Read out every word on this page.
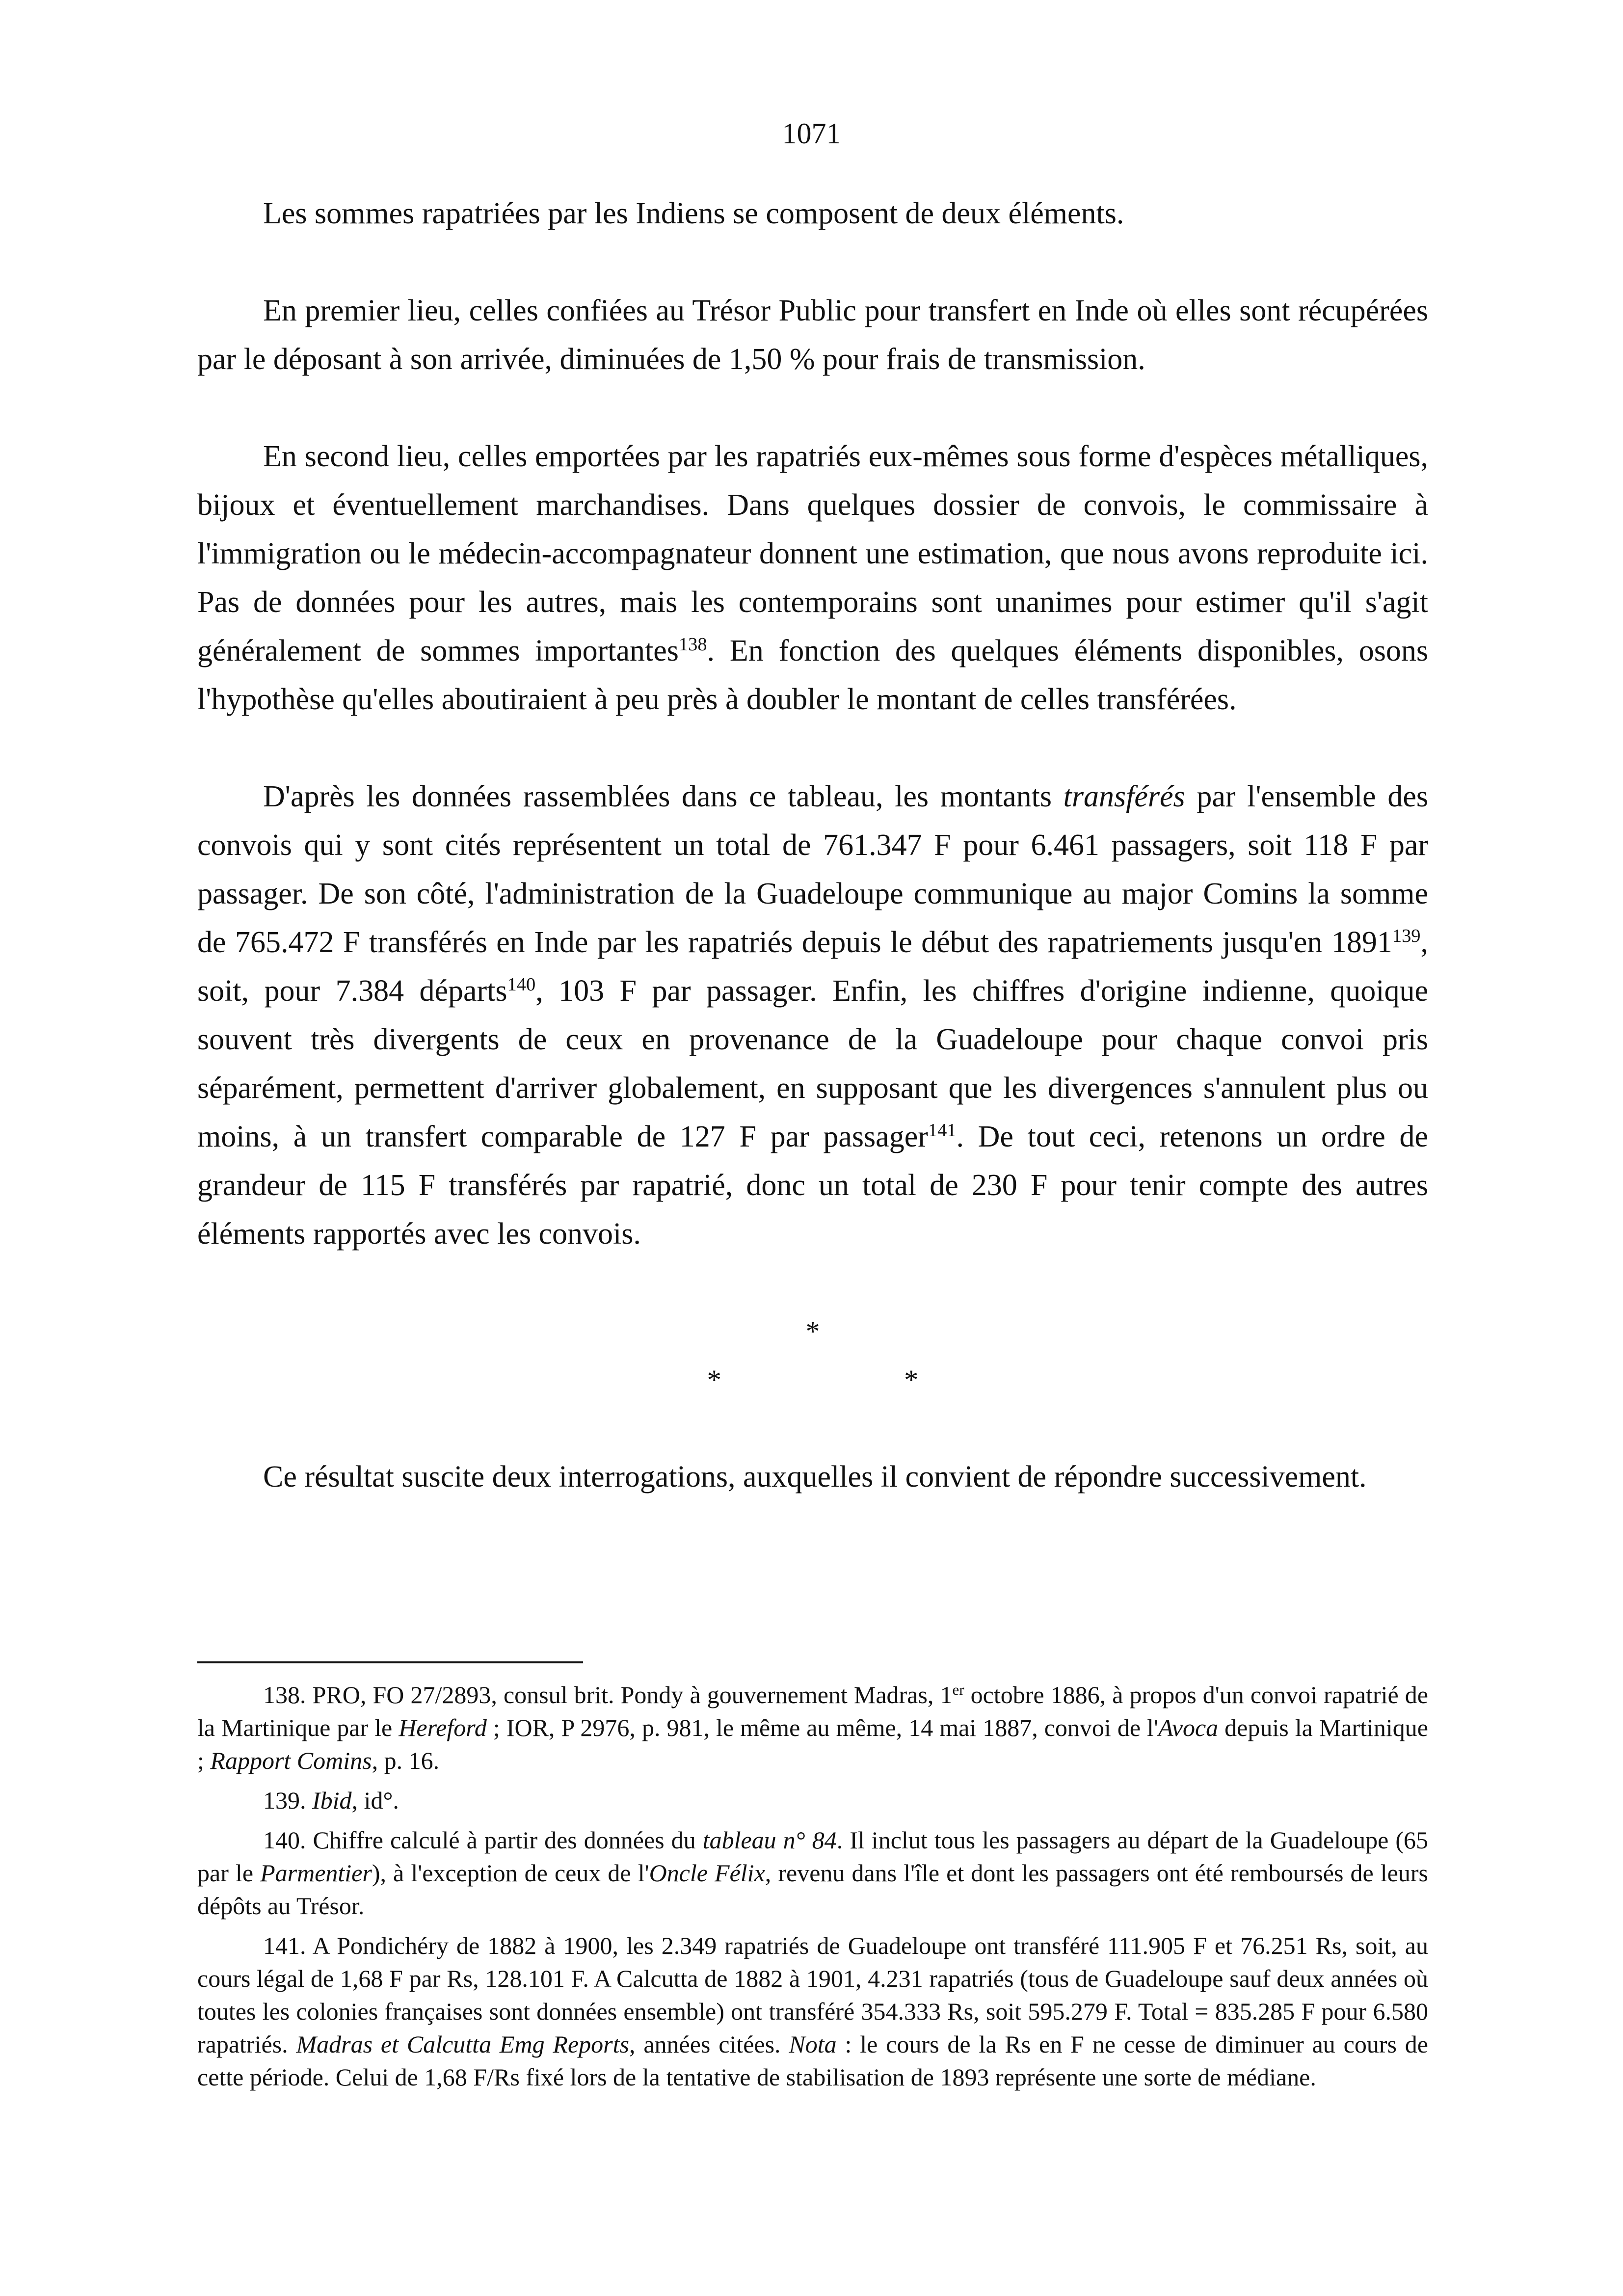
1071

Les sommes rapatriées par les Indiens se composent de deux éléments.

En premier lieu, celles confiées au Trésor Public pour transfert en Inde où elles sont récupérées par le déposant à son arrivée, diminuées de 1,50 % pour frais de transmission.

En second lieu, celles emportées par les rapatriés eux-mêmes sous forme d'espèces métalliques, bijoux et éventuellement marchandises. Dans quelques dossier de convois, le commissaire à l'immigration ou le médecin-accompagnateur donnent une estimation, que nous avons reproduite ici. Pas de données pour les autres, mais les contemporains sont unanimes pour estimer qu'il s'agit généralement de sommes importantes$^{138}$. En fonction des quelques éléments disponibles, osons l'hypothèse qu'elles aboutiraient à peu près à doubler le montant de celles transférées.

D'après les données rassemblées dans ce tableau, les montants transférés par l'ensemble des convois qui y sont cités représentent un total de 761.347 F pour 6.461 passagers, soit 118 F par passager. De son côté, l'administration de la Guadeloupe communique au major Comins la somme de 765.472 F transférés en Inde par les rapatriés depuis le début des rapatriements jusqu'en 1891$^{139}$, soit, pour 7.384 départs$^{140}$, 103 F par passager. Enfin, les chiffres d'origine indienne, quoique souvent très divergents de ceux en provenance de la Guadeloupe pour chaque convoi pris séparément, permettent d'arriver globalement, en supposant que les divergences s'annulent plus ou moins, à un transfert comparable de 127 F par passager$^{141}$. De tout ceci, retenons un ordre de grandeur de 115 F transférés par rapatrié, donc un total de 230 F pour tenir compte des autres éléments rapportés avec les convois.

*
*     *

Ce résultat suscite deux interrogations, auxquelles il convient de répondre successivement.

138. PRO, FO 27/2893, consul brit. Pondy à gouvernement Madras, 1er octobre 1886, à propos d'un convoi rapatrié de la Martinique par le Hereford ; IOR, P 2976, p. 981, le même au même, 14 mai 1887, convoi de l'Avoca depuis la Martinique ; Rapport Comins, p. 16.

139. Ibid, id°.

140. Chiffre calculé à partir des données du tableau n° 84. Il inclut tous les passagers au départ de la Guadeloupe (65 par le Parmentier), à l'exception de ceux de l'Oncle Félix, revenu dans l'île et dont les passagers ont été remboursés de leurs dépôts au Trésor.

141. A Pondichéry de 1882 à 1900, les 2.349 rapatriés de Guadeloupe ont transféré 111.905 F et 76.251 Rs, soit, au cours légal de 1,68 F par Rs, 128.101 F. A Calcutta de 1882 à 1901, 4.231 rapatriés (tous de Guadeloupe sauf deux années où toutes les colonies françaises sont données ensemble) ont transféré 354.333 Rs, soit 595.279 F. Total = 835.285 F pour 6.580 rapatriés. Madras et Calcutta Emg Reports, années citées. Nota : le cours de la Rs en F ne cesse de diminuer au cours de cette période. Celui de 1,68 F/Rs fixé lors de la tentative de stabilisation de 1893 représente une sorte de médiane.
